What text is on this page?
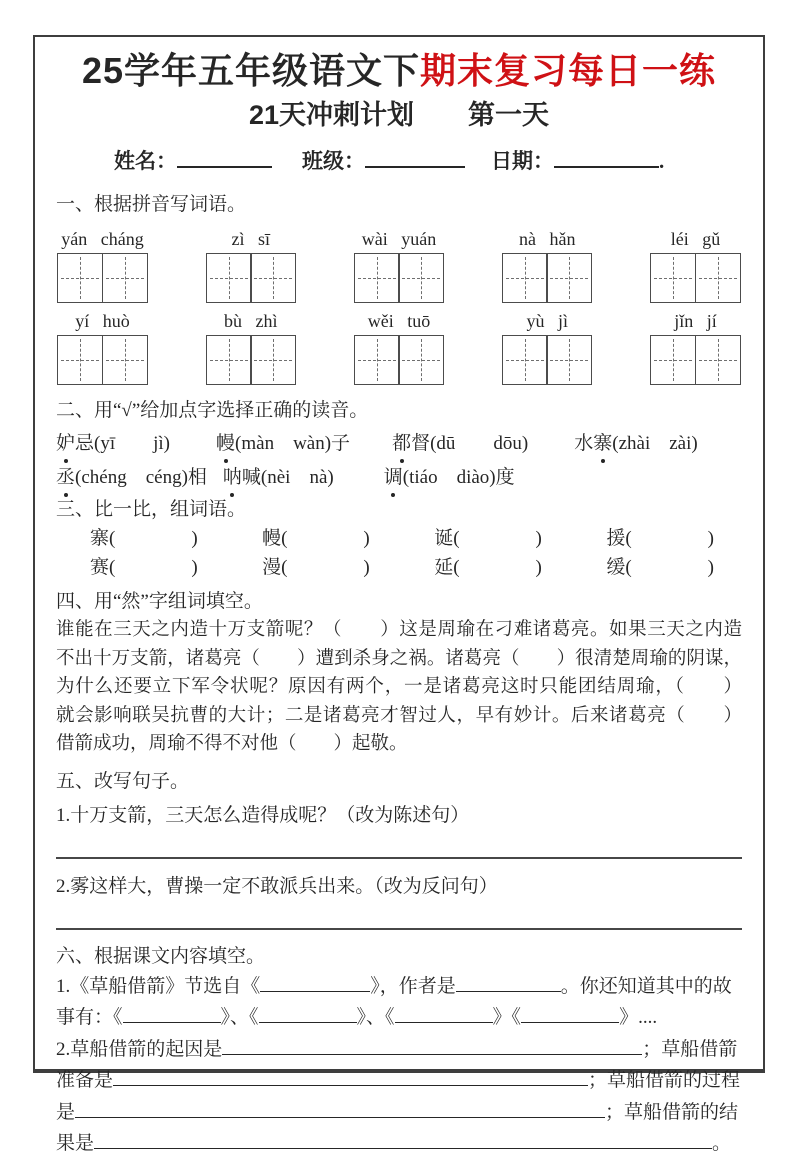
25学年五年级语文下期末复习每日一练
21天冲刺计划　　第一天
姓名：	班级：	日期：	.
一、根据拼音写词语。
yán cháng	zì sī	wài yuán	nà hǎn	léi gǔ
yí huò	bù zhì	wěi tuō	yù jì	jǐn jí
二、用“√”给加点字选择正确的读音。
妒忌(yī　　jì) 幔(màn　wàn)子 都督(dū　　dōu) 水寨(zhài　zài)
丞(chéng　céng)相 呐喊(nèi　nà)	调(tiáo　diào)度
三、比一比，组词语。
寨(　　　　)	幔(　　　　)	诞(　　　　)	援(　　　　)
赛(　　　　)	漫(　　　　)	延(　　　　)	缓(　　　　)
四、用“然”字组词填空。
谁能在三天之内造十万支箭呢？（　　）这是周瑜在刁难诸葛亮。如果三天之内造
不出十万支箭，诸葛亮（　　）遭到杀身之祸。诸葛亮（　　）很清楚周瑜的阴谋，
为什么还要立下军令状呢？原因有两个，一是诸葛亮这时只能团结周瑜，（　　）
就会影响联吴抗曹的大计；二是诸葛亮才智过人，早有妙计。后来诸葛亮（　　）
借箭成功，周瑜不得不对他（　　）起敬。
五、改写句子。
1.十万支箭，三天怎么造得成呢？（改为陈述句）
2.雾这样大，曹操一定不敢派兵出来。（改为反问句）
六、根据课文内容填空。
1.《草船借箭》节选自《	》，作者是	。你还知道其中的故
事有：《	》、《	》、《	》《	》....
2.草船借箭的起因是	；草船借箭
准备是	；草船借箭的过程
是	；草船借箭的结
果是	。
